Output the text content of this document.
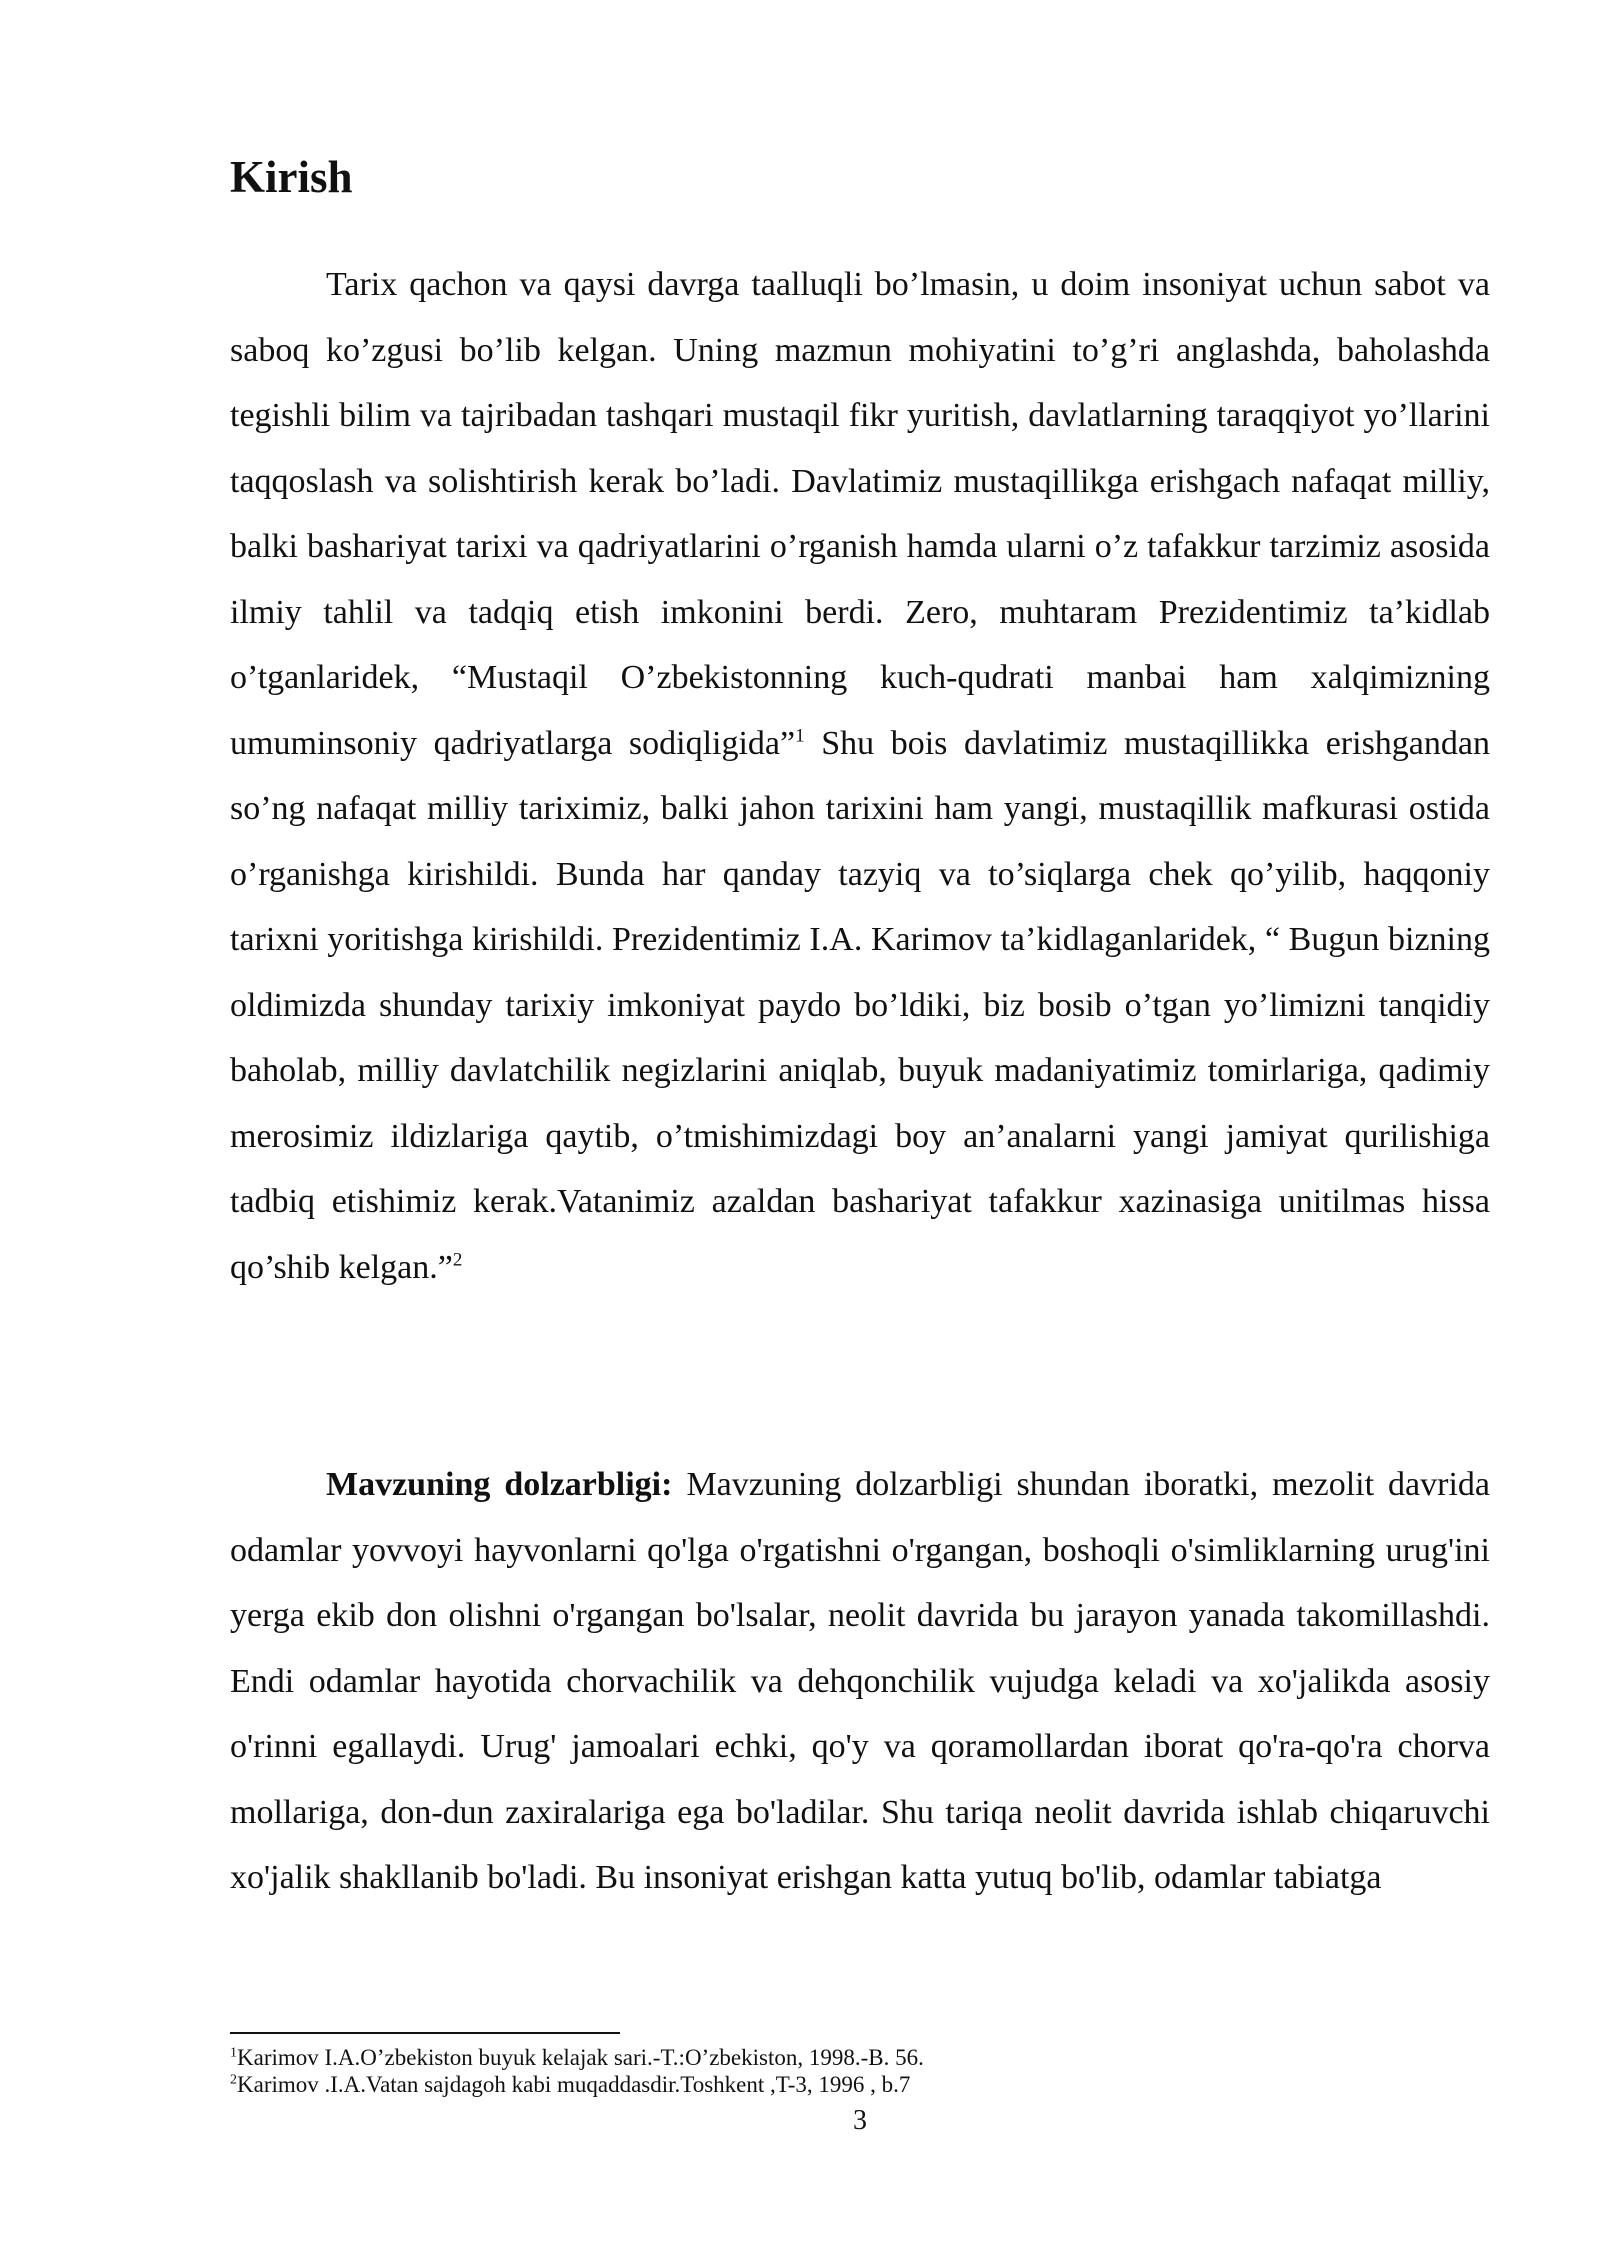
Kirish

Tarix qachon va qaysi davrga taalluqli bo’lmasin, u doim insoniyat uchun sabot va saboq ko’zgusi bo’lib kelgan. Uning mazmun mohiyatini to’g’ri anglashda, baholashda tegishli bilim va tajribadan tashqari mustaqil fikr yuritish, davlatlarning taraqqiyot yo’llarini taqqoslash va solishtirish kerak bo’ladi. Davlatimiz mustaqillikga erishgach nafaqat milliy, balki bashariyat tarixi va qadriyatlarini o’rganish hamda ularni o’z tafakkur tarzimiz asosida ilmiy tahlil va tadqiq etish imkonini berdi. Zero, muhtaram Prezidentimiz ta’kidlab o’tganlaridek, “Mustaqil O’zbekistonning kuch-qudrati manbai ham xalqimizning umuminsoniy qadriyatlarga sodiqligida”$^1$ Shu bois davlatimiz mustaqillikka erishgandan so’ng nafaqat milliy tariximiz, balki jahon tarixini ham yangi, mustaqillik mafkurasi ostida o’rganishga kirishildi. Bunda har qanday tazyiq va to’siqlarga chek qo’yilib, haqqoniy tarixni yoritishga kirishildi. Prezidentimiz I.A. Karimov ta’kidlaganlaridek, “ Bugun bizning oldimizda shunday tarixiy imkoniyat paydo bo’ldiki, biz bosib o’tgan yo’limizni tanqidiy baholab, milliy davlatchilik negizlarini aniqlab, buyuk madaniyatimiz tomirlariga, qadimiy merosimiz ildizlariga qaytib, o’tmishimizdagi boy an’analarni yangi jamiyat qurilishiga tadbiq etishimiz kerak.Vatanimiz azaldan bashariyat tafakkur xazinasiga unitilmas hissa qo’shib kelgan.”$^2$

Mavzuning dolzarbligi: Mavzuning dolzarbligi shundan iboratki, mezolit davrida odamlar yovvoyi hayvonlarni qo'lga o'rgatishni o'rgangan, boshoqli o'simliklarning urug'ini yerga ekib don olishni o'rgangan bo'lsalar, neolit davrida bu jarayon yanada takomillashdi. Endi odamlar hayotida chorvachilik va dehqonchilik vujudga keladi va xo'jalikda asosiy o'rinni egallaydi. Urug' jamoalari echki, qo'y va qoramollardan iborat qo'ra-qo'ra chorva mollariga, don-dun zaxiralariga ega bo'ladilar. Shu tariqa neolit davrida ishlab chiqaruvchi xo'jalik shakllanib bo'ladi. Bu insoniyat erishgan katta yutuq bo'lib, odamlar tabiatga

$^1$Karimov I.A.O’zbekiston buyuk kelajak sari.-T.:O’zbekiston, 1998.-B. 56.

$^2$Karimov .I.A.Vatan sajdagoh kabi muqaddasdir.Toshkent ,T-3, 1996 , b.7

3
